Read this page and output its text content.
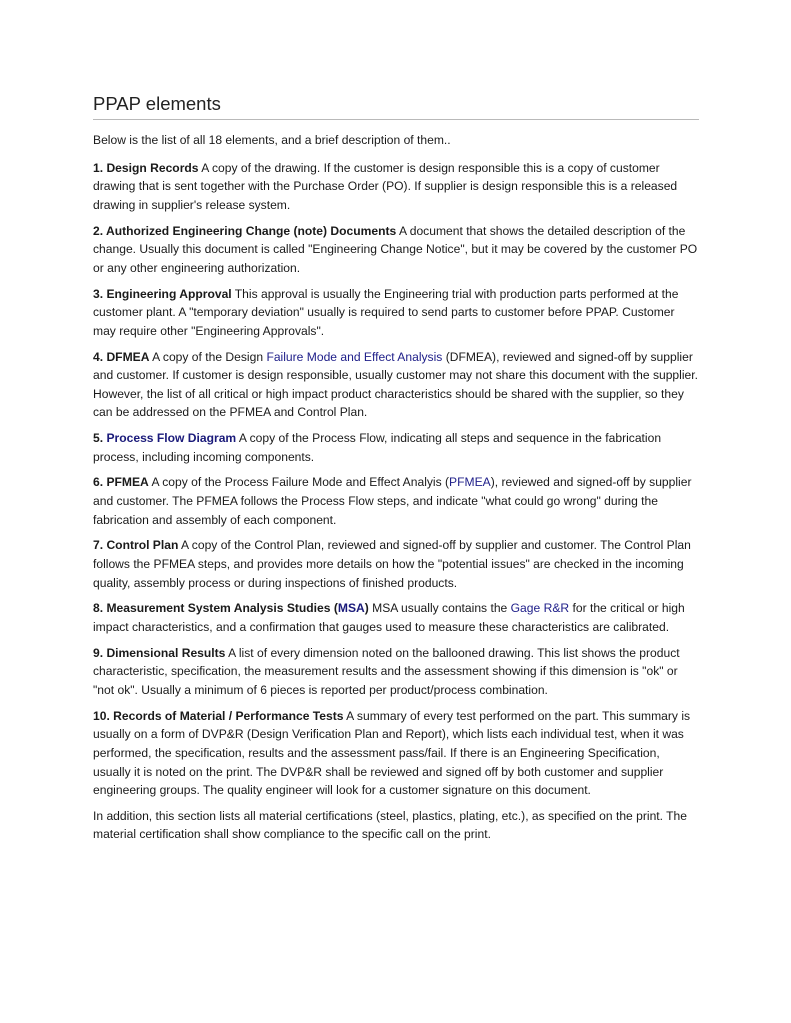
PPAP elements

Below is the list of all 18 elements, and a brief description of them..

1. Design Records A copy of the drawing. If the customer is design responsible this is a copy of customer drawing that is sent together with the Purchase Order (PO). If supplier is design responsible this is a released drawing in supplier's release system.

2. Authorized Engineering Change (note) Documents A document that shows the detailed description of the change. Usually this document is called "Engineering Change Notice", but it may be covered by the customer PO or any other engineering authorization.

3. Engineering Approval This approval is usually the Engineering trial with production parts performed at the customer plant. A "temporary deviation" usually is required to send parts to customer before PPAP. Customer may require other "Engineering Approvals".

4. DFMEA A copy of the Design Failure Mode and Effect Analysis (DFMEA), reviewed and signed-off by supplier and customer. If customer is design responsible, usually customer may not share this document with the supplier. However, the list of all critical or high impact product characteristics should be shared with the supplier, so they can be addressed on the PFMEA and Control Plan.

5. Process Flow Diagram A copy of the Process Flow, indicating all steps and sequence in the fabrication process, including incoming components.

6. PFMEA A copy of the Process Failure Mode and Effect Analyis (PFMEA), reviewed and signed-off by supplier and customer. The PFMEA follows the Process Flow steps, and indicate "what could go wrong" during the fabrication and assembly of each component.

7. Control Plan A copy of the Control Plan, reviewed and signed-off by supplier and customer. The Control Plan follows the PFMEA steps, and provides more details on how the "potential issues" are checked in the incoming quality, assembly process or during inspections of finished products.

8. Measurement System Analysis Studies (MSA) MSA usually contains the Gage R&R for the critical or high impact characteristics, and a confirmation that gauges used to measure these characteristics are calibrated.

9. Dimensional Results A list of every dimension noted on the ballooned drawing. This list shows the product characteristic, specification, the measurement results and the assessment showing if this dimension is "ok" or "not ok". Usually a minimum of 6 pieces is reported per product/process combination.

10. Records of Material / Performance Tests A summary of every test performed on the part. This summary is usually on a form of DVP&R (Design Verification Plan and Report), which lists each individual test, when it was performed, the specification, results and the assessment pass/fail. If there is an Engineering Specification, usually it is noted on the print. The DVP&R shall be reviewed and signed off by both customer and supplier engineering groups. The quality engineer will look for a customer signature on this document.

In addition, this section lists all material certifications (steel, plastics, plating, etc.), as specified on the print. The material certification shall show compliance to the specific call on the print.
